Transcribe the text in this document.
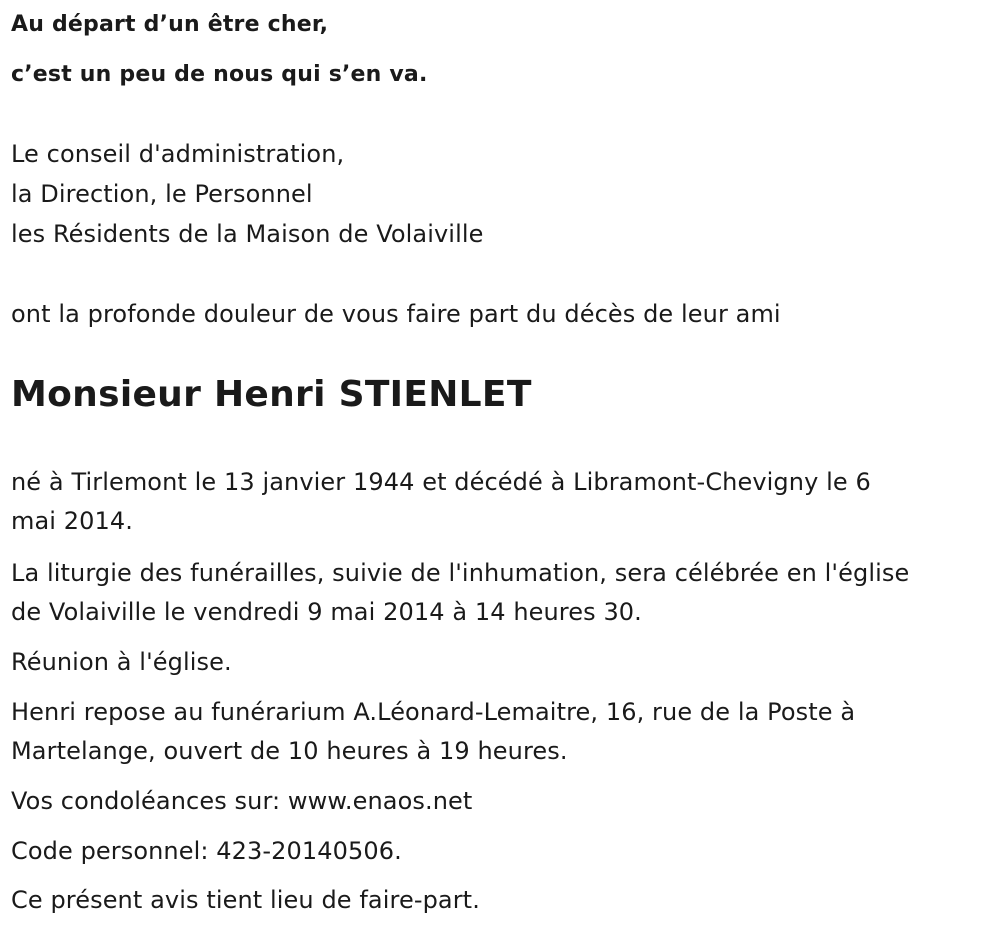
Au départ d’un être cher,

c’est un peu de nous qui s’en va.

Le conseil d'administration,

la Direction, le Personnel

les Résidents de la Maison de Volaiville

ont la profonde douleur de vous faire part du décès de leur ami

Monsieur Henri STIENLET

né à Tirlemont le 13 janvier 1944 et décédé à Libramont-Chevigny le 6

mai 2014.

La liturgie des funérailles, suivie de l'inhumation, sera célébrée en l'église

de Volaiville le vendredi 9 mai 2014 à 14 heures 30.

Réunion à l'église.

Henri repose au funérarium A.Léonard-Lemaitre, 16, rue de la Poste à

Martelange, ouvert de 10 heures à 19 heures.

Vos condoléances sur: www.enaos.net

Code personnel: 423-20140506.

Ce présent avis tient lieu de faire-part.
